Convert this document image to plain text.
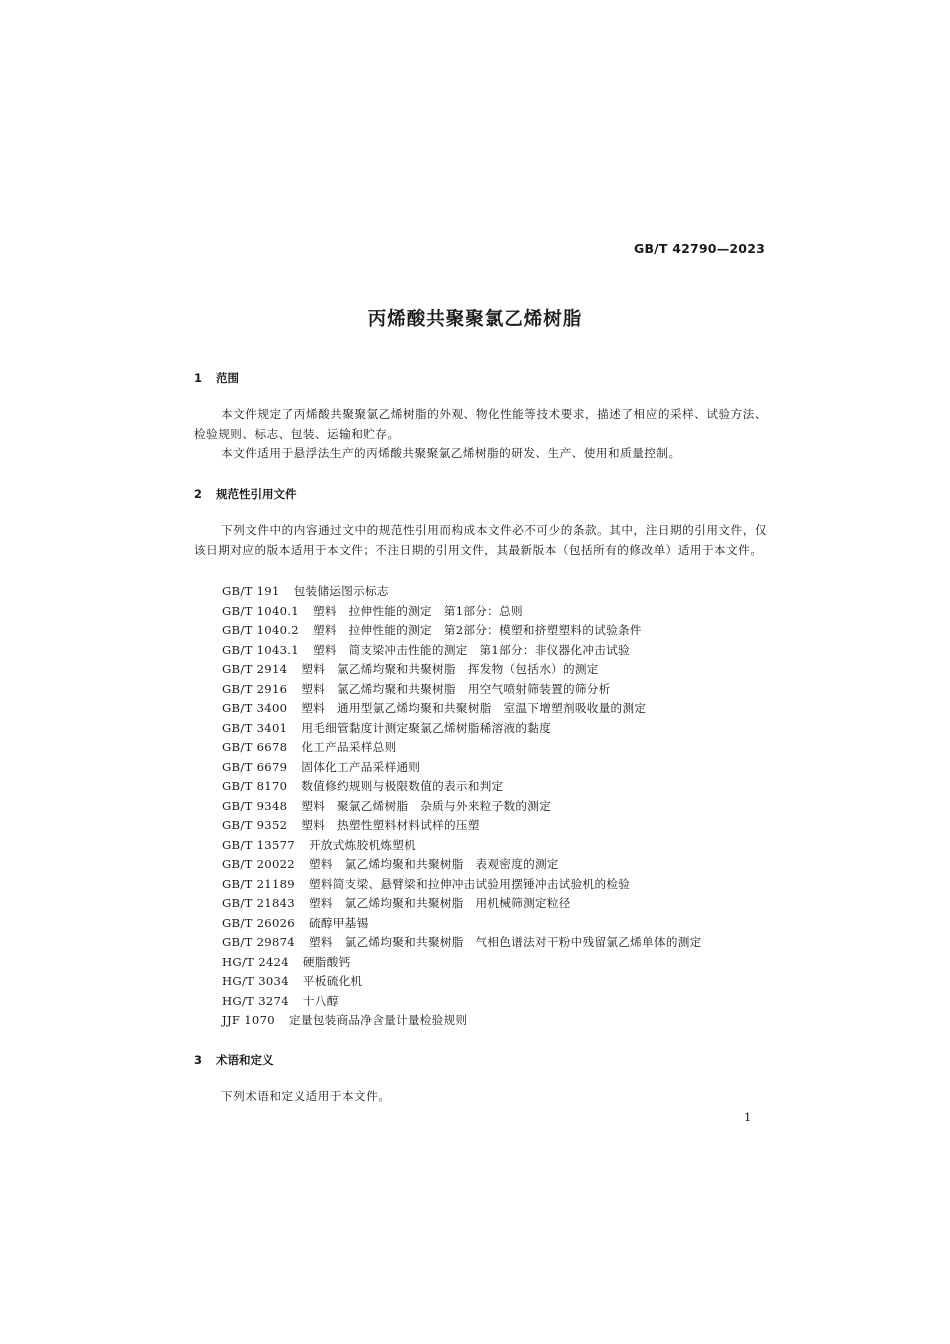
GB/T 42790—2023
丙烯酸共聚聚氯乙烯树脂
1 范围
本文件规定了丙烯酸共聚聚氯乙烯树脂的外观、物化性能等技术要求，描述了相应的采样、试验方法、检验规则、标志、包装、运输和贮存。
本文件适用于悬浮法生产的丙烯酸共聚聚氯乙烯树脂的研发、生产、使用和质量控制。
2 规范性引用文件
下列文件中的内容通过文中的规范性引用而构成本文件必不可少的条款。其中，注日期的引用文件，仅该日期对应的版本适用于本文件；不注日期的引用文件，其最新版本（包括所有的修改单）适用于本文件。
GB/T 191 包装储运图示标志
GB/T 1040.1 塑料　拉伸性能的测定　第1部分：总则
GB/T 1040.2 塑料　拉伸性能的测定　第2部分：模塑和挤塑塑料的试验条件
GB/T 1043.1 塑料　简支梁冲击性能的测定　第1部分：非仪器化冲击试验
GB/T 2914 塑料　氯乙烯均聚和共聚树脂　挥发物（包括水）的测定
GB/T 2916 塑料　氯乙烯均聚和共聚树脂　用空气喷射筛装置的筛分析
GB/T 3400 塑料　通用型氯乙烯均聚和共聚树脂　室温下增塑剂吸收量的测定
GB/T 3401 用毛细管黏度计测定聚氯乙烯树脂稀溶液的黏度
GB/T 6678 化工产品采样总则
GB/T 6679 固体化工产品采样通则
GB/T 8170 数值修约规则与极限数值的表示和判定
GB/T 9348 塑料　聚氯乙烯树脂　杂质与外来粒子数的测定
GB/T 9352 塑料　热塑性塑料材料试样的压塑
GB/T 13577 开放式炼胶机炼塑机
GB/T 20022 塑料　氯乙烯均聚和共聚树脂　表观密度的测定
GB/T 21189 塑料简支梁、悬臂梁和拉伸冲击试验用摆锤冲击试验机的检验
GB/T 21843 塑料　氯乙烯均聚和共聚树脂　用机械筛测定粒径
GB/T 26026 硫醇甲基锡
GB/T 29874 塑料　氯乙烯均聚和共聚树脂　气相色谱法对干粉中残留氯乙烯单体的测定
HG/T 2424 硬脂酸钙
HG/T 3034 平板硫化机
HG/T 3274 十八醇
JJF 1070 定量包装商品净含量计量检验规则
3 术语和定义
下列术语和定义适用于本文件。
1
